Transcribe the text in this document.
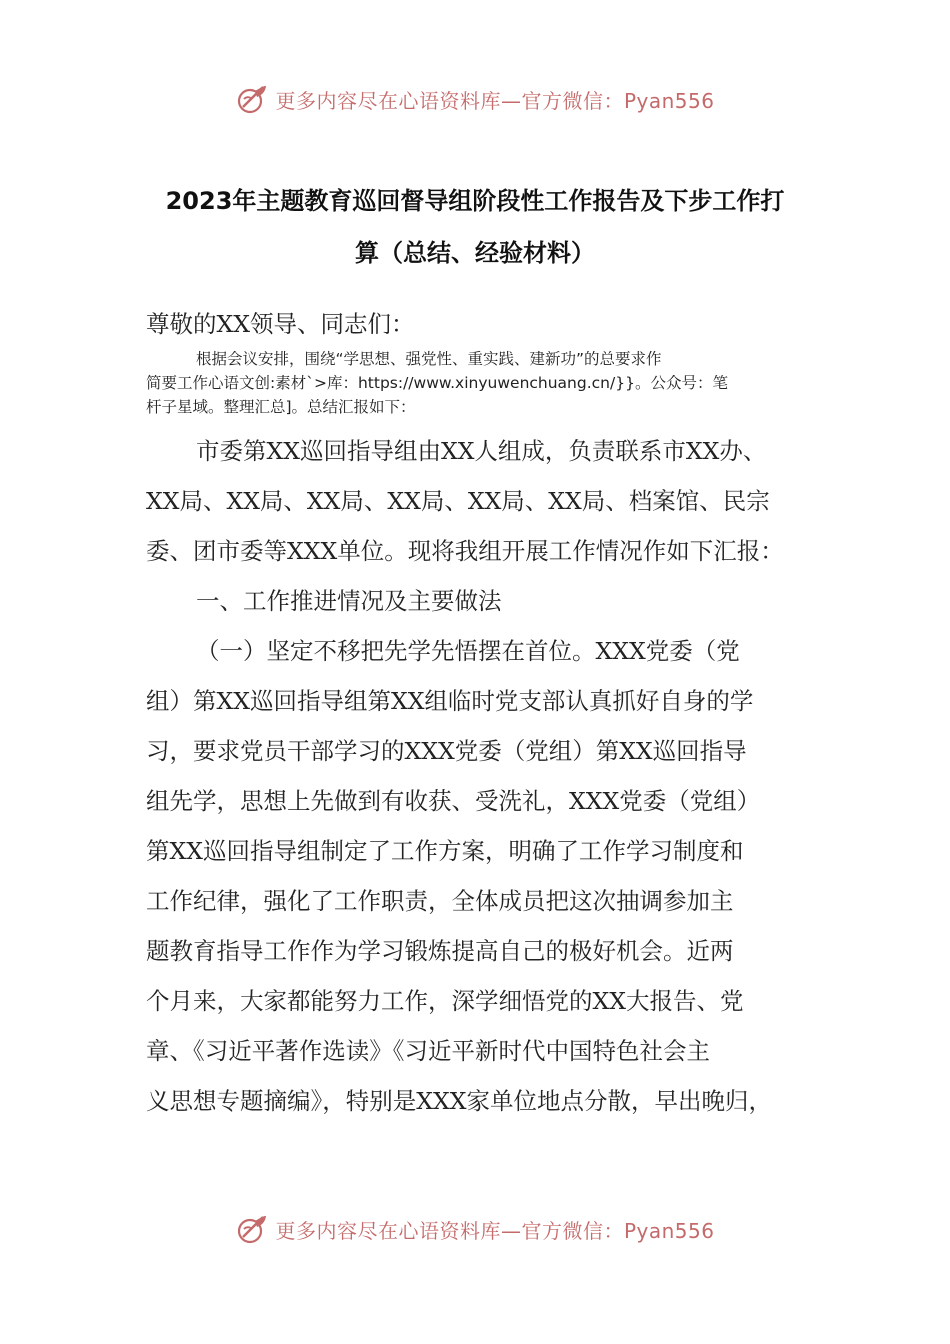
更多内容尽在心语资料库—官方微信：Pyan556
2023年主题教育巡回督导组阶段性工作报告及下步工作打
算（总结、经验材料）
尊敬的XX领导、同志们：
根据会议安排，围绕“学思想、强党性、重实践、建新功”的总要求作
简要工作心语文创:素材`>库：https://www.xinyuwenchuang.cn/}}。公众号：笔
杆子星域。整理汇总]。总结汇报如下：
市委第XX巡回指导组由XX人组成，负责联系市XX办、
XX局、XX局、XX局、XX局、XX局、XX局、档案馆、民宗
委、团市委等XXX单位。现将我组开展工作情况作如下汇报：
一、工作推进情况及主要做法
（一）坚定不移把先学先悟摆在首位。XXX党委（党
组）第XX巡回指导组第XX组临时党支部认真抓好自身的学
习，要求党员干部学习的XXX党委（党组）第XX巡回指导
组先学，思想上先做到有收获、受洗礼，XXX党委（党组）
第XX巡回指导组制定了工作方案，明确了工作学习制度和
工作纪律，强化了工作职责，全体成员把这次抽调参加主
题教育指导工作作为学习锻炼提高自己的极好机会。近两
个月来，大家都能努力工作，深学细悟党的XX大报告、党
章、《习近平著作选读》《习近平新时代中国特色社会主
义思想专题摘编》，特别是XXX家单位地点分散，早出晚归，
更多内容尽在心语资料库—官方微信：Pyan556
